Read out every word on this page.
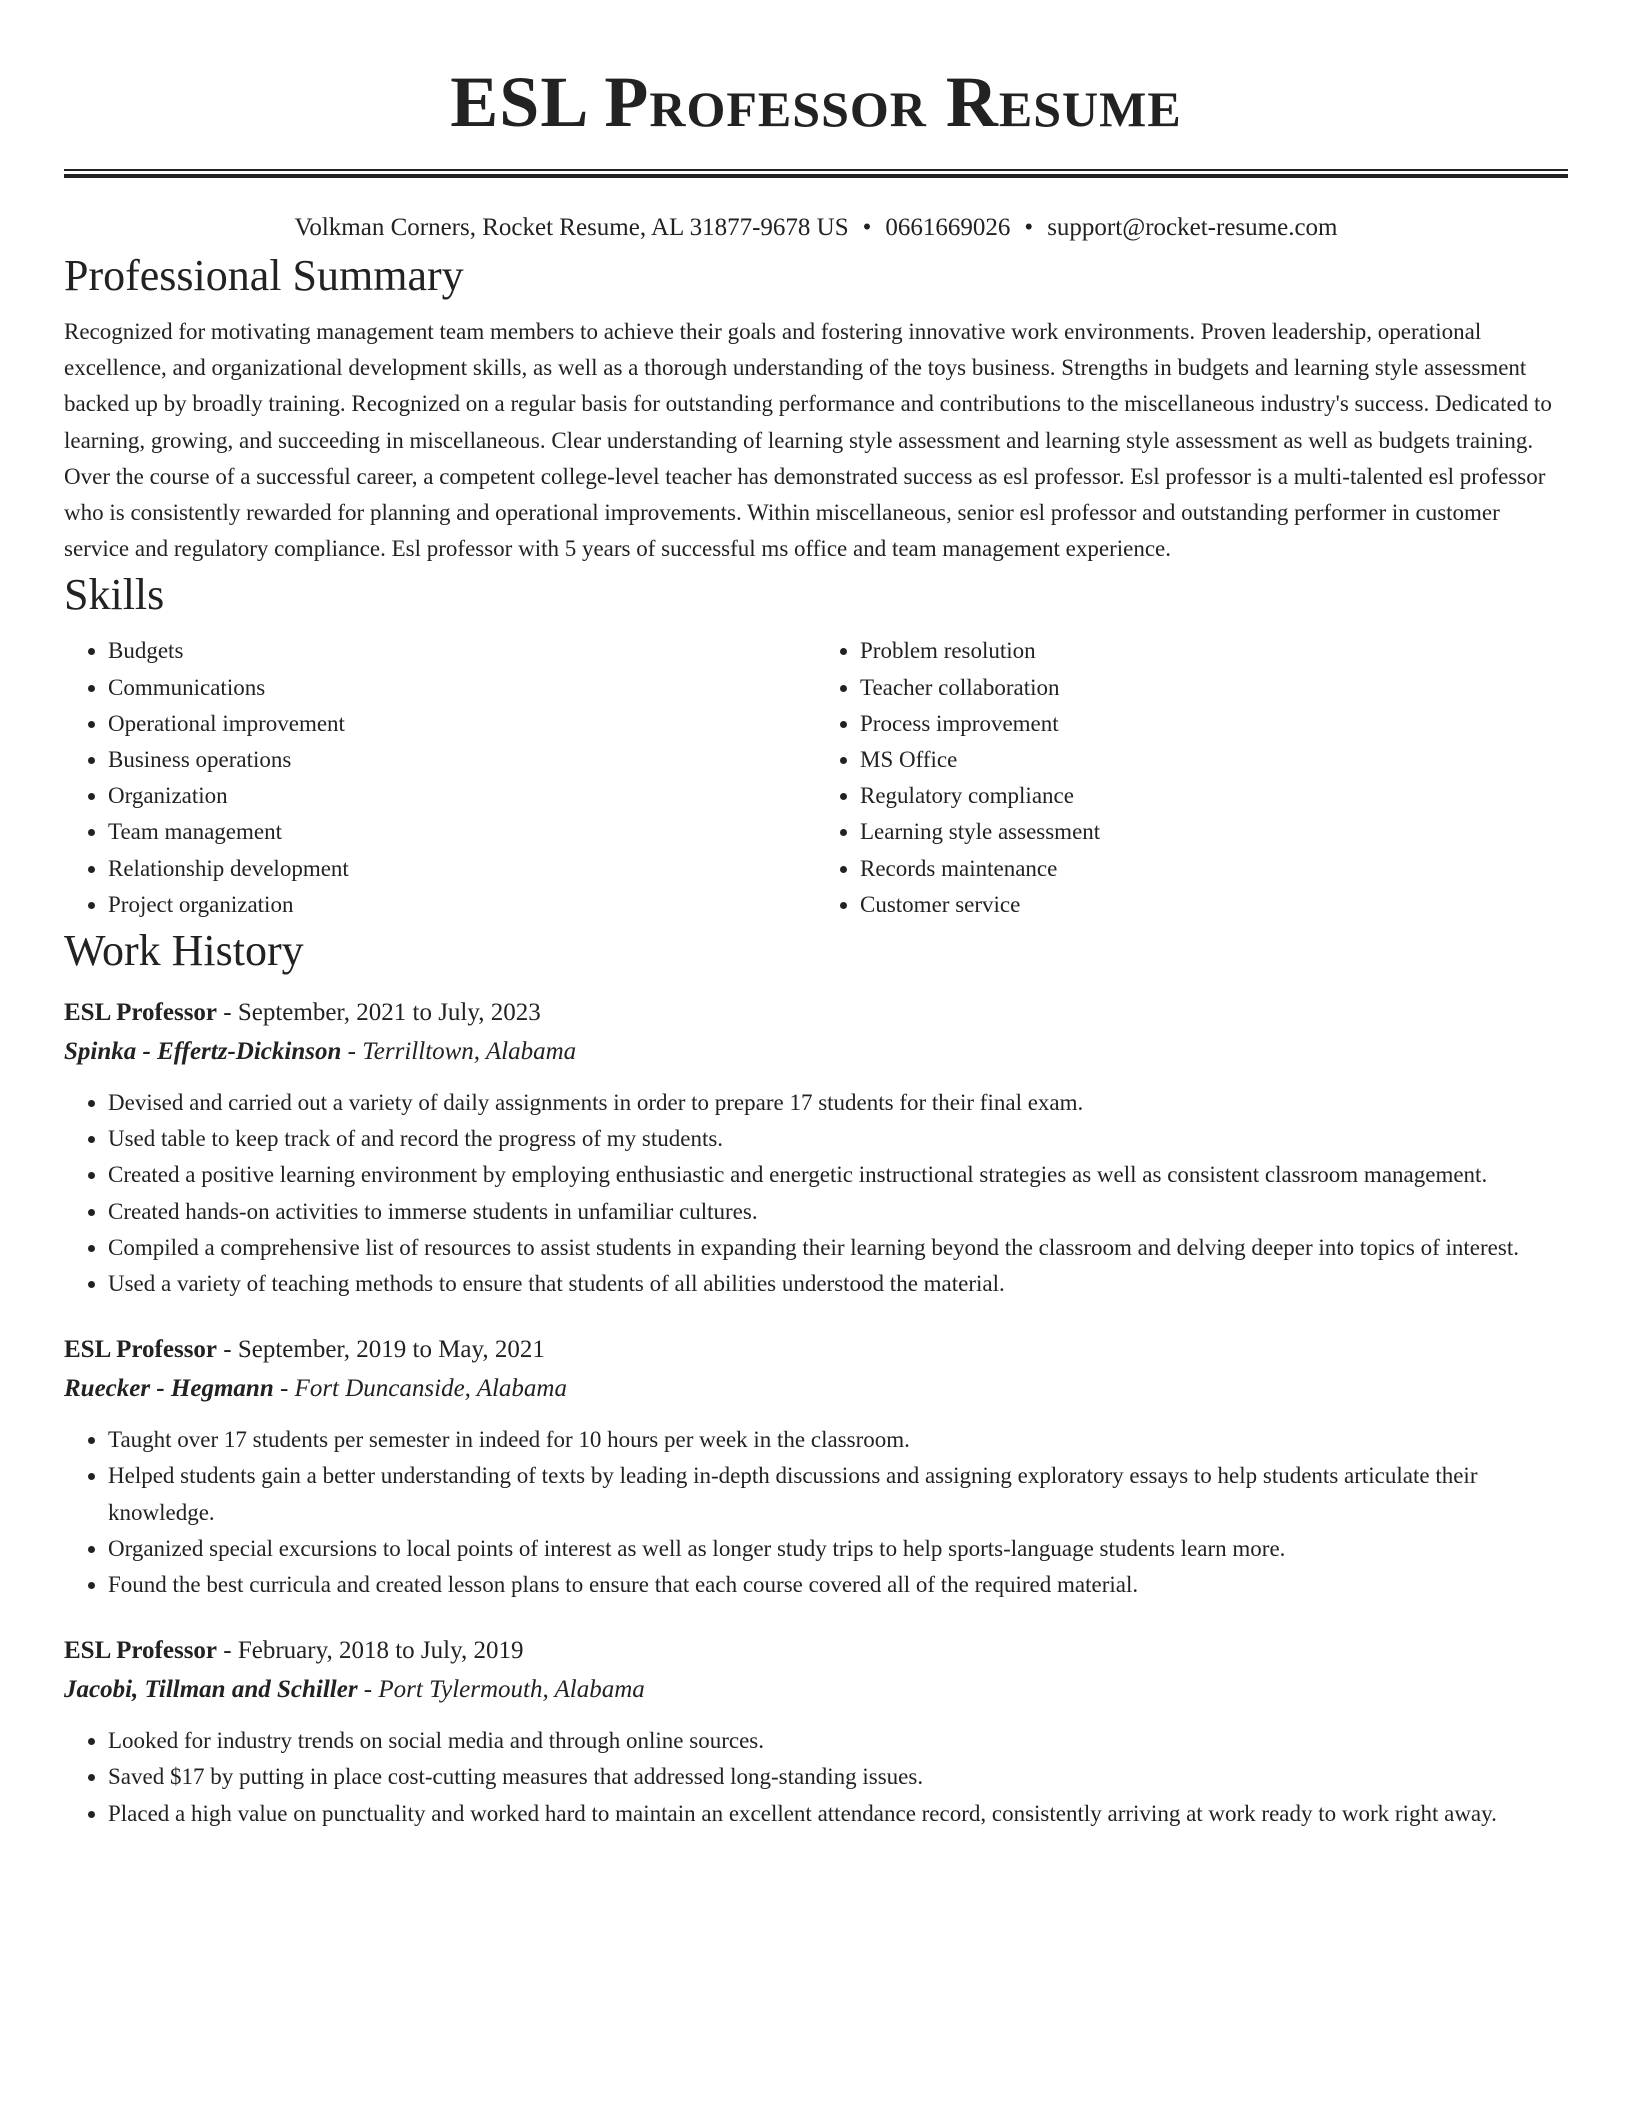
ESL Professor Resume
Volkman Corners, Rocket Resume, AL 31877-9678 US • 0661669026 • support@rocket-resume.com
Professional Summary

Recognized for motivating management team members to achieve their goals and fostering innovative work environments. Proven leadership, operational excellence, and organizational development skills, as well as a thorough understanding of the toys business. Strengths in budgets and learning style assessment backed up by broadly training. Recognized on a regular basis for outstanding performance and contributions to the miscellaneous industry's success. Dedicated to learning, growing, and succeeding in miscellaneous. Clear understanding of learning style assessment and learning style assessment as well as budgets training. Over the course of a successful career, a competent college-level teacher has demonstrated success as esl professor. Esl professor is a multi-talented esl professor who is consistently rewarded for planning and operational improvements. Within miscellaneous, senior esl professor and outstanding performer in customer service and regulatory compliance. Esl professor with 5 years of successful ms office and team management experience.

Skills
• Budgets
• Communications
• Operational improvement
• Business operations
• Organization
• Team management
• Relationship development
• Project organization
• Problem resolution
• Teacher collaboration
• Process improvement
• MS Office
• Regulatory compliance
• Learning style assessment
• Records maintenance
• Customer service
Work History
ESL Professor - September, 2021 to July, 2023
Spinka - Effertz-Dickinson - Terrilltown, Alabama
• Devised and carried out a variety of daily assignments in order to prepare 17 students for their final exam.
• Used table to keep track of and record the progress of my students.
• Created a positive learning environment by employing enthusiastic and energetic instructional strategies as well as consistent classroom management.
• Created hands-on activities to immerse students in unfamiliar cultures.
• Compiled a comprehensive list of resources to assist students in expanding their learning beyond the classroom and delving deeper into topics of interest.
• Used a variety of teaching methods to ensure that students of all abilities understood the material.
ESL Professor - September, 2019 to May, 2021
Ruecker - Hegmann - Fort Duncanside, Alabama
• Taught over 17 students per semester in indeed for 10 hours per week in the classroom.
• Helped students gain a better understanding of texts by leading in-depth discussions and assigning exploratory essays to help students articulate their knowledge.
• Organized special excursions to local points of interest as well as longer study trips to help sports-language students learn more.
• Found the best curricula and created lesson plans to ensure that each course covered all of the required material.
ESL Professor - February, 2018 to July, 2019
Jacobi, Tillman and Schiller - Port Tylermouth, Alabama
• Looked for industry trends on social media and through online sources.
• Saved $17 by putting in place cost-cutting measures that addressed long-standing issues.
• Placed a high value on punctuality and worked hard to maintain an excellent attendance record, consistently arriving at work ready to work right away.
